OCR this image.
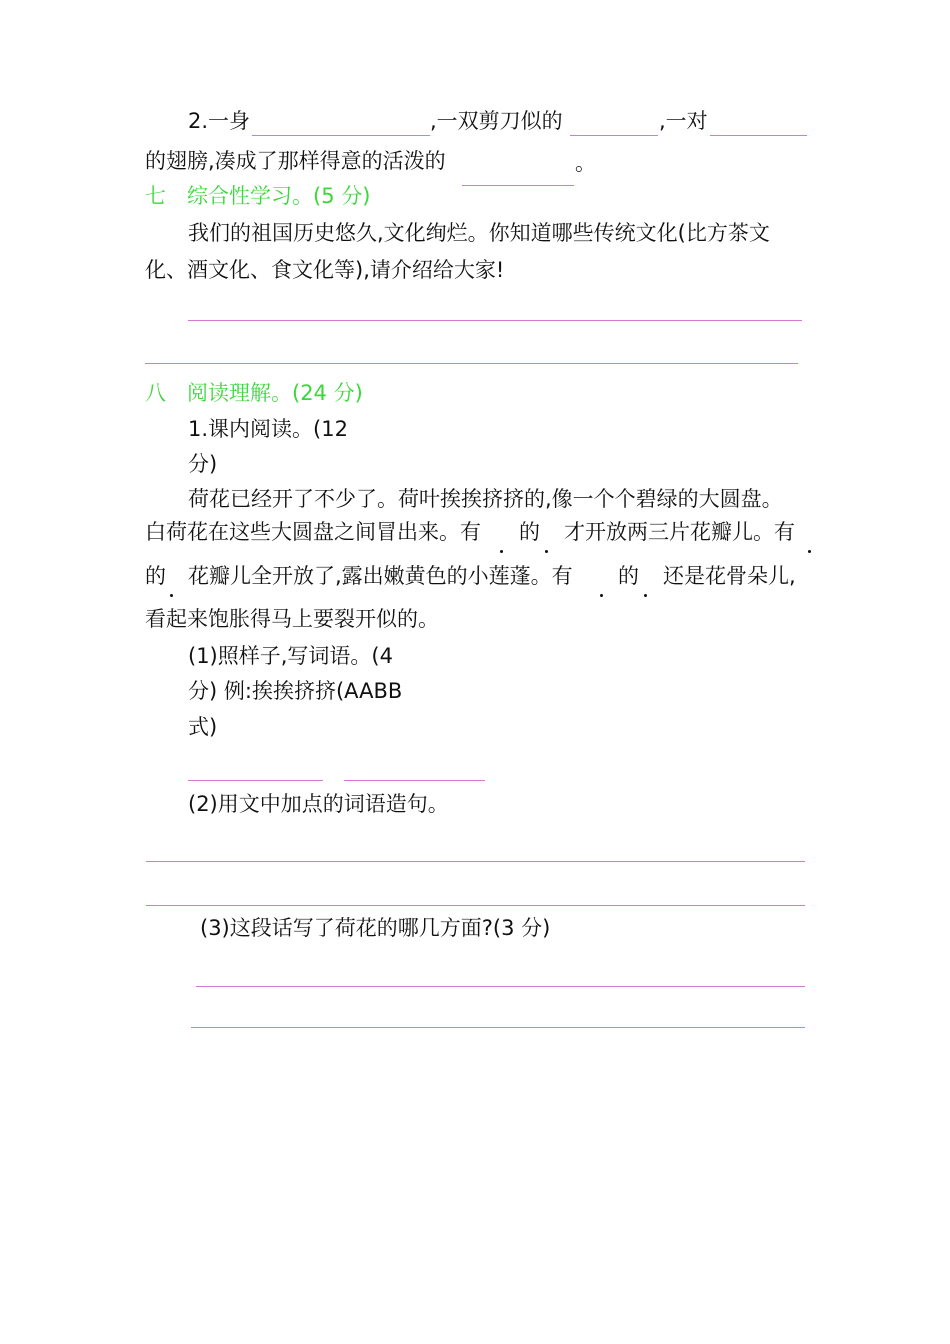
2.一身	,一双剪刀似的	,一对
的翅膀,凑成了那样得意的活泼的	。
七　综合性学习。(5 分)
我们的祖国历史悠久,文化绚烂。你知道哪些传统文化(比方茶文
化、酒文化、食文化等),请介绍给大家!
八　阅读理解。(24 分)
1.课内阅读。(12
分)
荷花已经开了不少了。荷叶挨挨挤挤的,像一个个碧绿的大圆盘。
白荷花在这些大圆盘之间冒出来。有 的 才开放两三片花瓣儿。有
的 花瓣儿全开放了,露出嫩黄色的小莲蓬。有 的 还是花骨朵儿,
看起来饱胀得马上要裂开似的。
(1)照样子,写词语。(4
分) 例:挨挨挤挤(AABB
式)
(2)用文中加点的词语造句。
(3)这段话写了荷花的哪几方面?(3 分)
